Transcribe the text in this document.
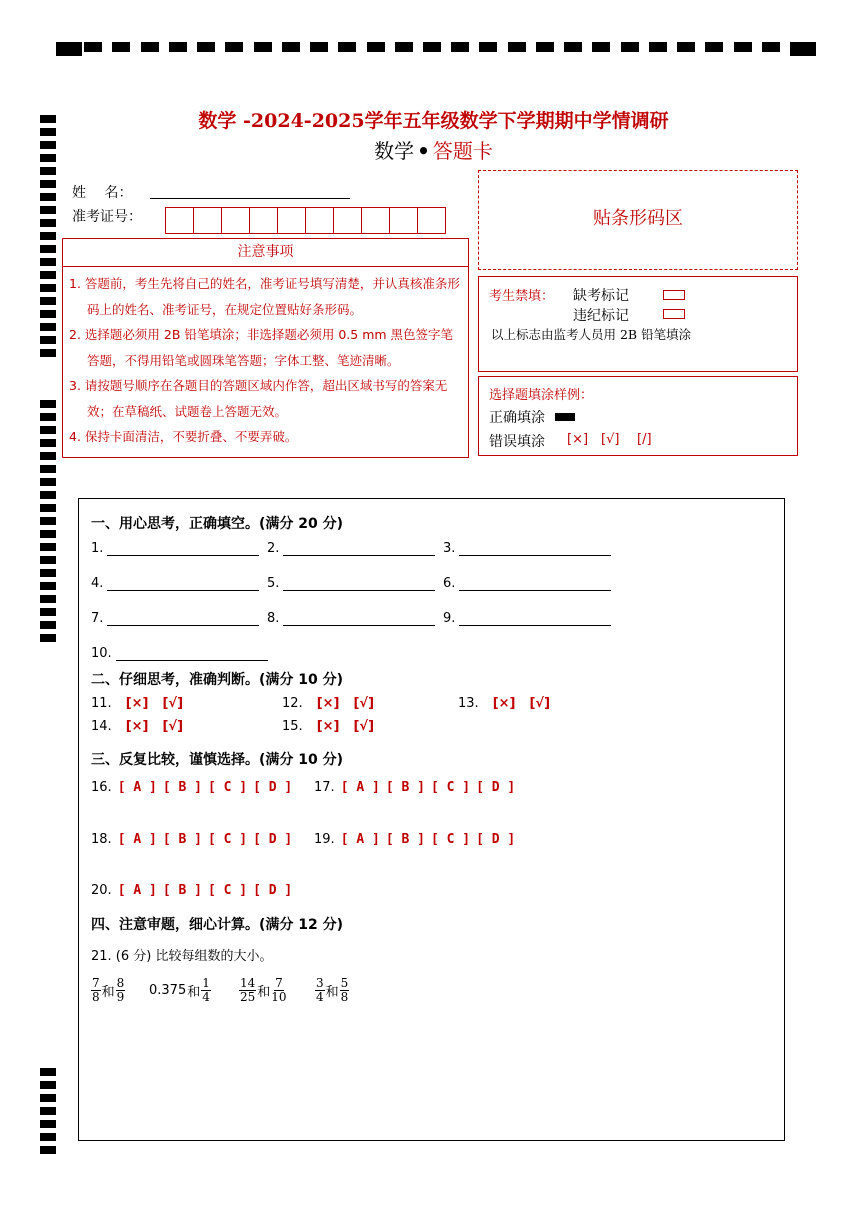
数学 -2024-2025学年五年级数学下学期期中学情调研
数学 • 答题卡
姓　 名：
准考证号：
注意事项
1. 答题前，考生先将自己的姓名，准考证号填写清楚，并认真核准条形码上的姓名、准考证号，在规定位置贴好条形码。
2. 选择题必须用 2B 铅笔填涂；非选择题必须用 0.5 mm 黑色签字笔答题，不得用铅笔或圆珠笔答题；字体工整、笔迹清晰。
3. 请按题号顺序在各题目的答题区域内作答，超出区域书写的答案无效；在草稿纸、试题卷上答题无效。
4. 保持卡面清洁，不要折叠、不要弄破。
贴条形码区
考生禁填： 缺考标记
违纪标记
以上标志由监考人员用 2B 铅笔填涂
选择题填涂样例：
正确填涂
错误填涂 [×] [√] [/]
一、用心思考，正确填空。(满分 20 分)
1.	2.	3.
4.	5.	6.
7.	8.	9.
10.
二、仔细思考，准确判断。(满分 10 分)
11. [×] [√]	12. [×] [√]	13. [×] [√]
14. [×] [√]	15. [×] [√]
三、反复比较，谨慎选择。(满分 10 分)
16. [ A ] [ B ] [ C ] [ D ] 17. [ A ] [ B ] [ C ] [ D ]
18. [ A ] [ B ] [ C ] [ D ] 19. [ A ] [ B ] [ C ] [ D ]
20. [ A ] [ B ] [ C ] [ D ]
四、注意审题，细心计算。(满分 12 分)
21. (6 分) 比较每组数的大小。
$\frac{7}{8}$ 和 $\frac{8}{9} 0.375$ 和 $\frac{1}{4} \frac{14}{25}$ 和 $\frac{7}{10} \frac{3}{4}$ 和 $\frac{5}{8}$
